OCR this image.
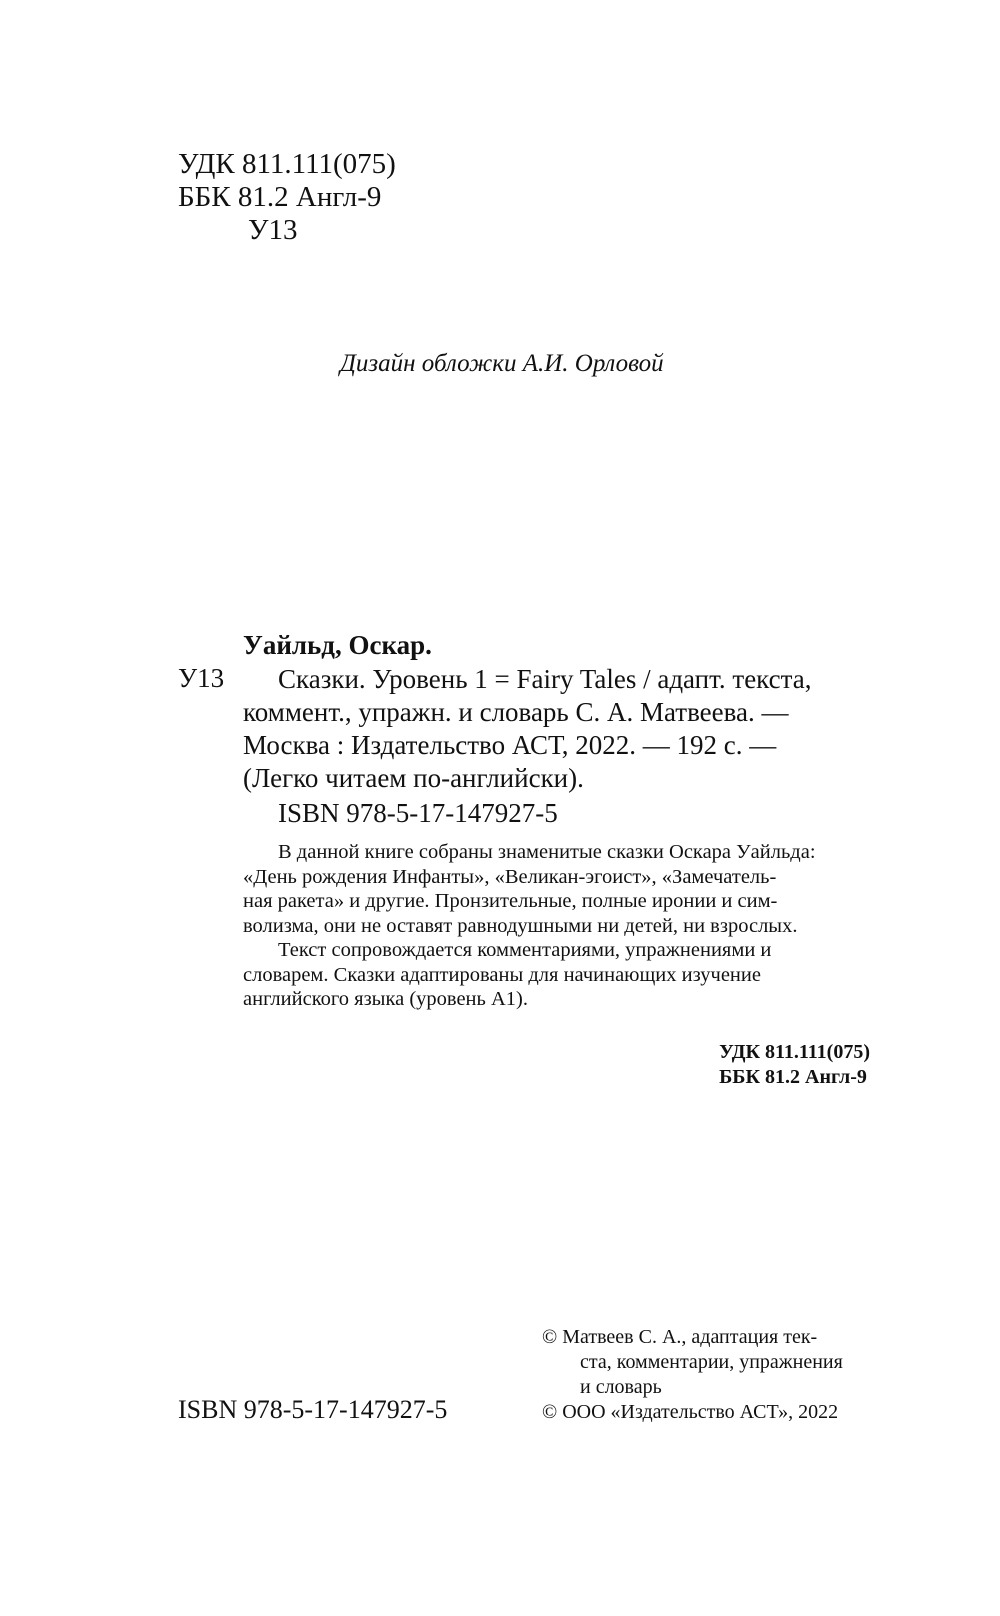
УДК 811.111(075)
ББК 81.2 Англ-9
У13
Дизайн обложки А.И. Орловой
Уайльд, Оскар.
У13	Сказки. Уровень 1 = Fairy Tales / адапт. текста,
коммент., упражн. и словарь С. А. Матвеева. —
Москва : Издательство АСТ, 2022. — 192 с. —
(Легко читаем по-английски).
ISBN 978-5-17-147927-5
В данной книге собраны знаменитые сказки Оскара Уайльда:
«День рождения Инфанты», «Великан-эгоист», «Замечатель-
ная ракета» и другие. Пронзительные, полные иронии и сим-
волизма, они не оставят равнодушными ни детей, ни взрослых.
Текст сопровождается комментариями, упражнениями и
словарем. Сказки адаптированы для начинающих изучение
английского языка (уровень А1).
УДК 811.111(075)
ББК 81.2 Англ-9
© Матвеев С. А., адаптация тек-
ста, комментарии, упражнения
и словарь
© ООО «Издательство АСТ», 2022
ISBN 978-5-17-147927-5
